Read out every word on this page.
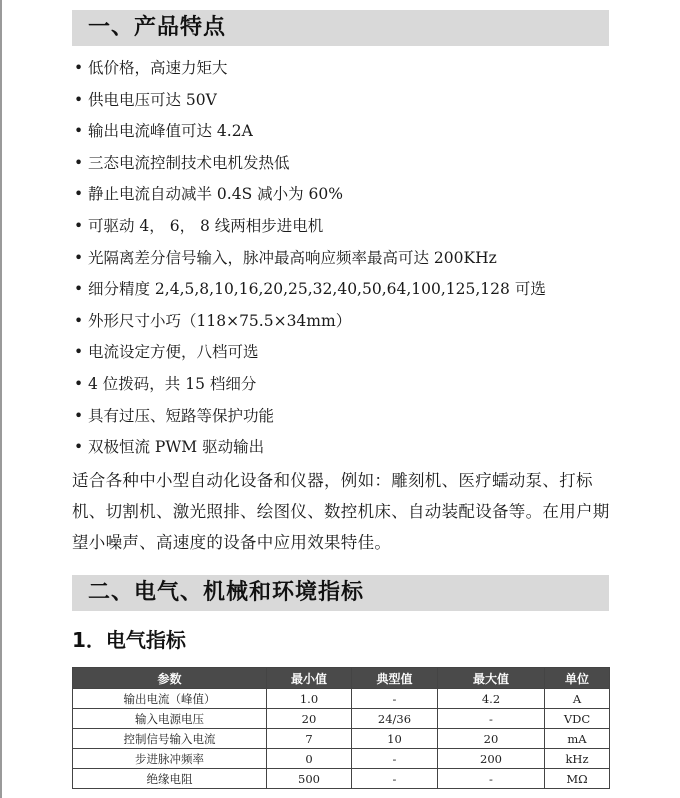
一、产品特点
• 低价格，高速力矩大
• 供电电压可达 50V
• 输出电流峰值可达 4.2A
• 三态电流控制技术电机发热低
• 静止电流自动减半 0.4S 减小为 60%
• 可驱动 4， 6， 8 线两相步进电机
• 光隔离差分信号输入，脉冲最高响应频率最高可达 200KHz
• 细分精度 2,4,5,8,10,16,20,25,32,40,50,64,100,125,128 可选
• 外形尺寸小巧（118×75.5×34mm）
• 电流设定方便，八档可选
• 4 位拨码，共 15 档细分
• 具有过压、短路等保护功能
• 双极恒流 PWM 驱动输出

适合各种中小型自动化设备和仪器，例如：雕刻机、医疗蠕动泵、打标机、切割机、激光照排、绘图仪、数控机床、自动装配设备等。在用户期望小噪声、高速度的设备中应用效果特佳。

二、电气、机械和环境指标
1．电气指标
参数	最小值	典型值	最大值	单位
输出电流（峰值）	1.0	-	4.2	A
输入电源电压	20	24/36	-	VDC
控制信号输入电流	7	10	20	mA
步进脉冲频率	0	-	200	kHz
绝缘电阻	500	-	-	MΩ
